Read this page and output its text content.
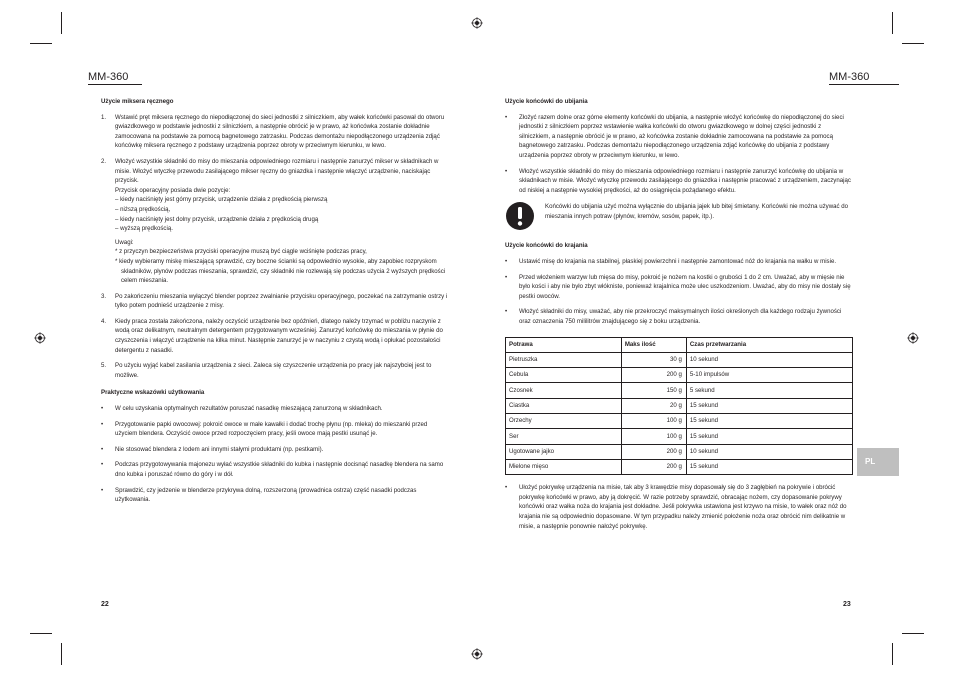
MM-360
Użycie miksera ręcznego
1. Wstawić pręt miksera ręcznego do niepodłączonej do sieci jednostki z silniczkiem, aby wałek końcówki pasował do otworu gwiazdkowego w podstawie jednostki z silniczkiem, a następnie obrócić je w prawo, aż końcówka zostanie dokładnie zamocowana na podstawie za pomocą bagnetowego zatrzasku. Podczas demontażu niepodłączonego urządzenia zdjąć końcówkę miksera ręcznego z podstawy urządzenia poprzez obroty w przeciwnym kierunku, w lewo.

2. Włożyć wszystkie składniki do misy do mieszania odpowiedniego rozmiaru i następnie zanurzyć mikser w składnikach w misie. Włożyć wtyczkę przewodu zasilającego mikser ręczny do gniazdka i następnie włączyć urządzenie, naciskając przycisk.

Przycisk operacyjny posiada dwie pozycje:

– kiedy naciśnięty jest górny przycisk, urządzenie działa z prędkością pierwszą

– niższą prędkością,

– kiedy naciśnięty jest dolny przycisk, urządzenie działa z prędkością drugą

– wyższą prędkością.

Uwagi:

* z przyczyn bezpieczeństwa przyciski operacyjne muszą być ciągle wciśnięte podczas pracy,

* kiedy wybieramy miskę mieszającą sprawdzić, czy boczne ścianki są odpowiednio wysokie, aby zapobiec rozpryskom składników, płynów podczas mieszania, sprawdzić, czy składniki nie rozlewają się podczas użycia 2 wyższych prędkości celem mieszania.

3. Po zakończeniu mieszania wyłączyć blender poprzez zwalnianie przycisku operacyjnego, poczekać na zatrzymanie ostrzy i tylko potem podnieść urządzenie z misy.

4. Kiedy praca została zakończona, należy oczyścić urządzenie bez opóźnień, dlatego należy trzymać w pobliżu naczynie z wodą oraz delikatnym, neutralnym detergentem przygotowanym wcześniej. Zanurzyć końcówkę do mieszania w płynie do czyszczenia i włączyć urządzenie na kilka minut. Następnie zanurzyć je w naczyniu z czystą wodą i opłukać pozostałości detergentu z nasadki.

5. Po użyciu wyjąć kabel zasilania urządzenia z sieci. Zaleca się czyszczenie urządzenia po pracy jak najszybciej jest to możliwe.

Praktyczne wskazówki użytkowania
• W celu uzyskania optymalnych rezultatów poruszać nasadkę mieszającą zanurzoną w składnikach.

• Przygotowanie papki owocowej: pokroić owoce w małe kawałki i dodać trochę płynu (np. mleka) do mieszanki przed użyciem blendera. Oczyścić owoce przed rozpoczęciem pracy, jeśli owoce mają pestki usunąć je.

• Nie stosować blendera z lodem ani innymi stałymi produktami (np. pestkami).

• Podczas przygotowywania majonezu wyłać wszystkie składniki do kubka i następnie docisnąć nasadkę blendera na samo dno kubka i poruszać równo do góry i w dół.

• Sprawdzić, czy jedzenie w blenderze przykrywa dolną, rozszerzoną (prowadnica ostrza) część nasadki podczas użytkowania.

22
MM-360
Użycie końcówki do ubijania
• Złożyć razem dolne oraz górne elementy końcówki do ubijania, a następnie włożyć końcówkę do niepodłączonej do sieci jednostki z silniczkiem poprzez wstawienie wałka końcówki do otworu gwiazdkowego w dolnej części jednostki z silniczkiem, a następnie obrócić je w prawo, aż końcówka zostanie dokładnie zamocowana na podstawie za pomocą bagnetowego zatrzasku. Podczas demontażu niepodłączonego urządzenia zdjąć końcówkę do ubijania z podstawy urządzenia poprzez obroty w przeciwnym kierunku, w lewo.

• Włożyć wszystkie składniki do misy do mieszania odpowiedniego rozmiaru i następnie zanurzyć końcówkę do ubijania w składnikach w misie. Włożyć wtyczkę przewodu zasilającego do gniazdka i następnie pracować z urządzeniem, zaczynając od niskiej a następnie wysokiej prędkości, aż do osiągnięcia pożądanego efektu.

Końcówki do ubijania użyć można wyłącznie do ubijania jajek lub bitej śmietany. Końcówki nie można używać do mieszania innych potraw (płynów, kremów, sosów, papek, itp.).
Użycie końcówki do krajania
• Ustawić misę do krajania na stabilnej, płaskiej powierzchni i następnie zamontować nóż do krajania na wałku w misie.

• Przed włożeniem warzyw lub mięsa do misy, pokroić je nożem na kostki o grubości 1 do 2 cm. Uważać, aby w mięsie nie było kości i aby nie było zbyt włókniste, ponieważ krajalnica może ulec uszkodzeniom. Uważać, aby do misy nie dostały się pestki owoców.

• Włożyć składniki do misy, uważać, aby nie przekroczyć maksymalnych ilości określonych dla każdego rodzaju żywności oraz oznaczenia 750 mililitrów znajdującego się z boku urządzenia.

Potrawa	Maks ilość	Czas przetwarzania
Pietruszka	30 g	10 sekund
Cebula	200 g	5-10 impulsów
Czosnek	150 g	5 sekund
Ciastka	20 g	15 sekund
Orzechy	100 g	15 sekund
Ser	100 g	15 sekund
Ugotowane jajko	200 g	10 sekund
Mielone mięso	200 g	15 sekund
• Ułożyć pokrywkę urządzenia na misie, tak aby 3 krawędzie misy dopasowały się do 3 zagłębień na pokrywie i obrócić pokrywkę końcówki w prawo, aby ją dokręcić. W razie potrzeby sprawdzić, obracając nożem, czy dopasowanie pokrywy końcówki oraz wałka noża do krajania jest dokładne. Jeśli pokrywka ustawiona jest krzywo na misie, to wałek oraz nóż do krajania nie są odpowiednio dopasowane. W tym przypadku należy zmienić położenie noża oraz obrócić nim delikatnie w misie, a następnie ponownie nałożyć pokrywkę.

PL
23
